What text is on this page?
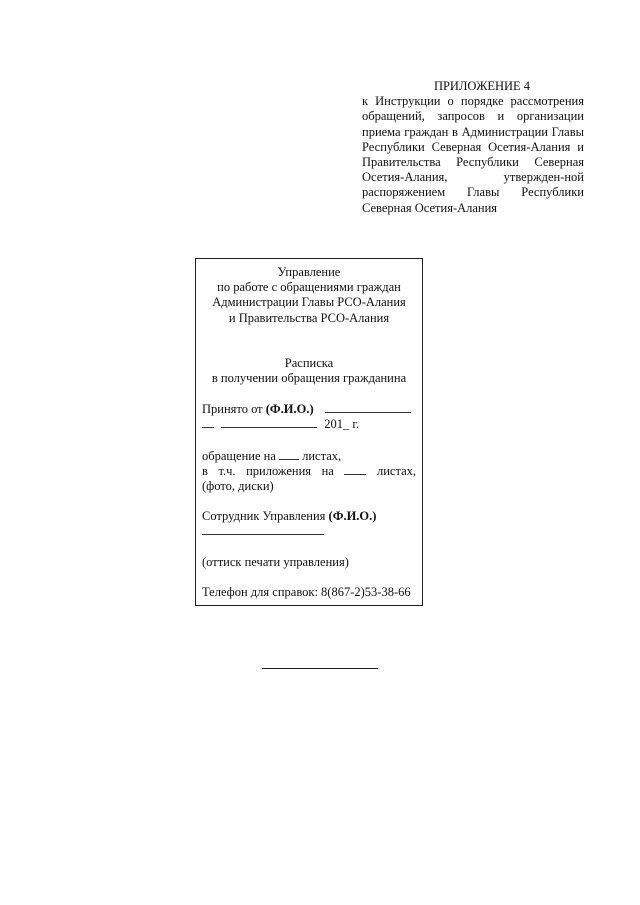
ПРИЛОЖЕНИЕ 4
к Инструкции о порядке рассмотрения обращений, запросов и организации приема граждан в Администрации Главы Республики Северная Осетия-Алания и Правительства Республики Северная Осетия-Алания, утвержден-ной распоряжением Главы Республики Северная Осетия-Алания
Управление
по работе с обращениями граждан
Администрации Главы РСО-Алания
и Правительства РСО-Алания
Расписка
в получении обращения гражданина
Принято от (Ф.И.О.)
201_ г.
обращение на  листах,
в т.ч. приложения на	листах,
(фото, диски)
Сотрудник Управления (Ф.И.О.)
(оттиск печати управления)
Телефон для справок: 8(867-2)53-38-66
